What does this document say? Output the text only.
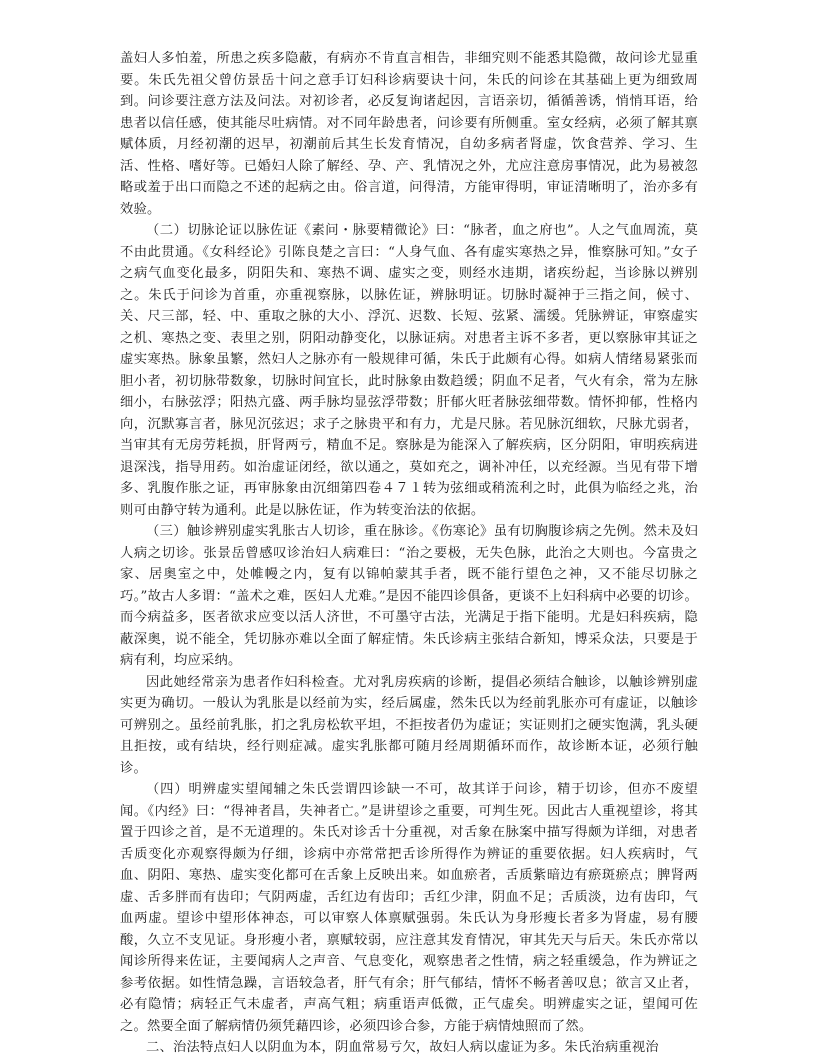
盖妇人多怕羞，所患之疾多隐蔽，有病亦不肯直言相告，非细究则不能悉其隐微，故问诊尤显重要。朱氏先祖父曾仿景岳十问之意手订妇科诊病要诀十问，朱氏的问诊在其基础上更为细致周到。问诊要注意方法及问法。对初诊者，必反复询诸起因，言语亲切，循循善诱，悄悄耳语，给患者以信任感，使其能尽吐病情。对不同年龄患者，问诊要有所侧重。室女经病，必须了解其禀赋体质，月经初潮的迟早，初潮前后其生长发育情况，自幼多病者肾虚，饮食营养、学习、生活、性格、嗜好等。已婚妇人除了解经、孕、产、乳情况之外，尤应注意房事情况，此为易被忽略或羞于出口而隐之不述的起病之由。俗言道，问得清，方能审得明，审证清晰明了，治亦多有效验。

（二）切脉论证以脉佐证《素问・脉要精微论》曰：“脉者，血之府也”。人之气血周流，莫不由此贯通。《女科经论》引陈良楚之言曰：“人身气血、各有虚实寒热之异，惟察脉可知。”女子之病气血变化最多，阴阳失和、寒热不调、虚实之变，则经水违期，诸疾纷起，当诊脉以辨别之。朱氏于问诊为首重，亦重视察脉，以脉佐证，辨脉明证。切脉时凝神于三指之间，候寸、关、尺三部，轻、中、重取之脉的大小、浮沉、迟数、长短、弦紧、濡缓。凭脉辨证，审察虚实之机、寒热之变、表里之别，阴阳动静变化，以脉证病。对患者主诉不多者，更以察脉审其证之虚实寒热。脉象虽繁，然妇人之脉亦有一般规律可循，朱氏于此颇有心得。如病人情绪易紧张而胆小者，初切脉带数象，切脉时间宜长，此时脉象由数趋缓；阴血不足者，气火有余，常为左脉细小，右脉弦浮；阳热亢盛、两手脉均显弦浮带数；肝郁火旺者脉弦细带数。情怀抑郁，性格内向，沉默寡言者，脉见沉弦迟；求子之脉贵平和有力，尤是尺脉。若见脉沉细软，尺脉尤弱者，当审其有无房劳耗损，肝肾两亏，精血不足。察脉是为能深入了解疾病，区分阴阳，审明疾病进退深浅，指导用药。如治虚证闭经，欲以通之，莫如充之，调补冲任，以充经源。当见有带下增多、乳腹作胀之证，再审脉象由沉细第四卷４７１转为弦细或稍流利之时，此俱为临经之兆，治则可由静守转为通利。此是以脉佐证，作为转变治法的依据。

（三）触诊辨别虚实乳胀古人切诊，重在脉诊。《伤寒论》虽有切胸腹诊病之先例。然未及妇人病之切诊。张景岳曾感叹诊治妇人病难曰：“治之要极，无失色脉，此治之大则也。今富贵之家、居奥室之中，处帷幔之内，复有以锦帕蒙其手者，既不能行望色之神，又不能尽切脉之巧。”故古人多谓：“盖术之难，医妇人尤难。”是因不能四诊俱备，更谈不上妇科病中必要的切诊。而今病益多，医者欲求应变以活人济世，不可墨守古法，光满足于指下能明。尤是妇科疾病，隐蔽深奥，说不能全，凭切脉亦难以全面了解症情。朱氏诊病主张结合新知，博采众法，只要是于病有利，均应采纳。

因此她经常亲为患者作妇科检查。尤对乳房疾病的诊断，提倡必须结合触诊，以触诊辨别虚实更为确切。一般认为乳胀是以经前为实，经后属虚，然朱氏以为经前乳胀亦可有虚证，以触诊可辨别之。虽经前乳胀，扪之乳房松软平坦，不拒按者仍为虚证；实证则扪之硬实饱满，乳头硬且拒按，或有结块，经行则症减。虚实乳胀都可随月经周期循环而作，故诊断本证，必须行触诊。

（四）明辨虚实望闻辅之朱氏尝谓四诊缺一不可，故其详于问诊，精于切诊，但亦不废望闻。《内经》曰：“得神者昌，失神者亡。”是讲望诊之重要，可判生死。因此古人重视望诊，将其置于四诊之首，是不无道理的。朱氏对诊舌十分重视，对舌象在脉案中描写得颇为详细，对患者舌质变化亦观察得颇为仔细，诊病中亦常常把舌诊所得作为辨证的重要依据。妇人疾病时，气血、阴阳、寒热、虚实变化都可在舌象上反映出来。如血瘀者，舌质紫暗边有瘀斑瘀点；脾肾两虚、舌多胖而有齿印；气阴两虚，舌红边有齿印；舌红少津，阴血不足；舌质淡，边有齿印，气血两虚。望诊中望形体神态，可以审察人体禀赋强弱。朱氏认为身形瘦长者多为肾虚，易有腰酸，久立不支见证。身形瘦小者，禀赋较弱，应注意其发育情况，审其先天与后天。朱氏亦常以闻诊所得来佐证，主要闻病人之声音、气息变化，观察患者之性情，病之轻重缓急，作为辨证之参考依据。如性情急躁，言语较急者，肝气有余；肝气郁结，情怀不畅者善叹息；欲言又止者，必有隐情；病轻正气未虚者，声高气粗；病重语声低微，正气虚矣。明辨虚实之证，望闻可佐之。然要全面了解病情仍须凭藉四诊，必须四诊合参，方能于病情烛照而了然。

二、治法特点妇人以阴血为本，阴血常易亏欠，故妇人病以虚证为多。朱氏治病重视治
